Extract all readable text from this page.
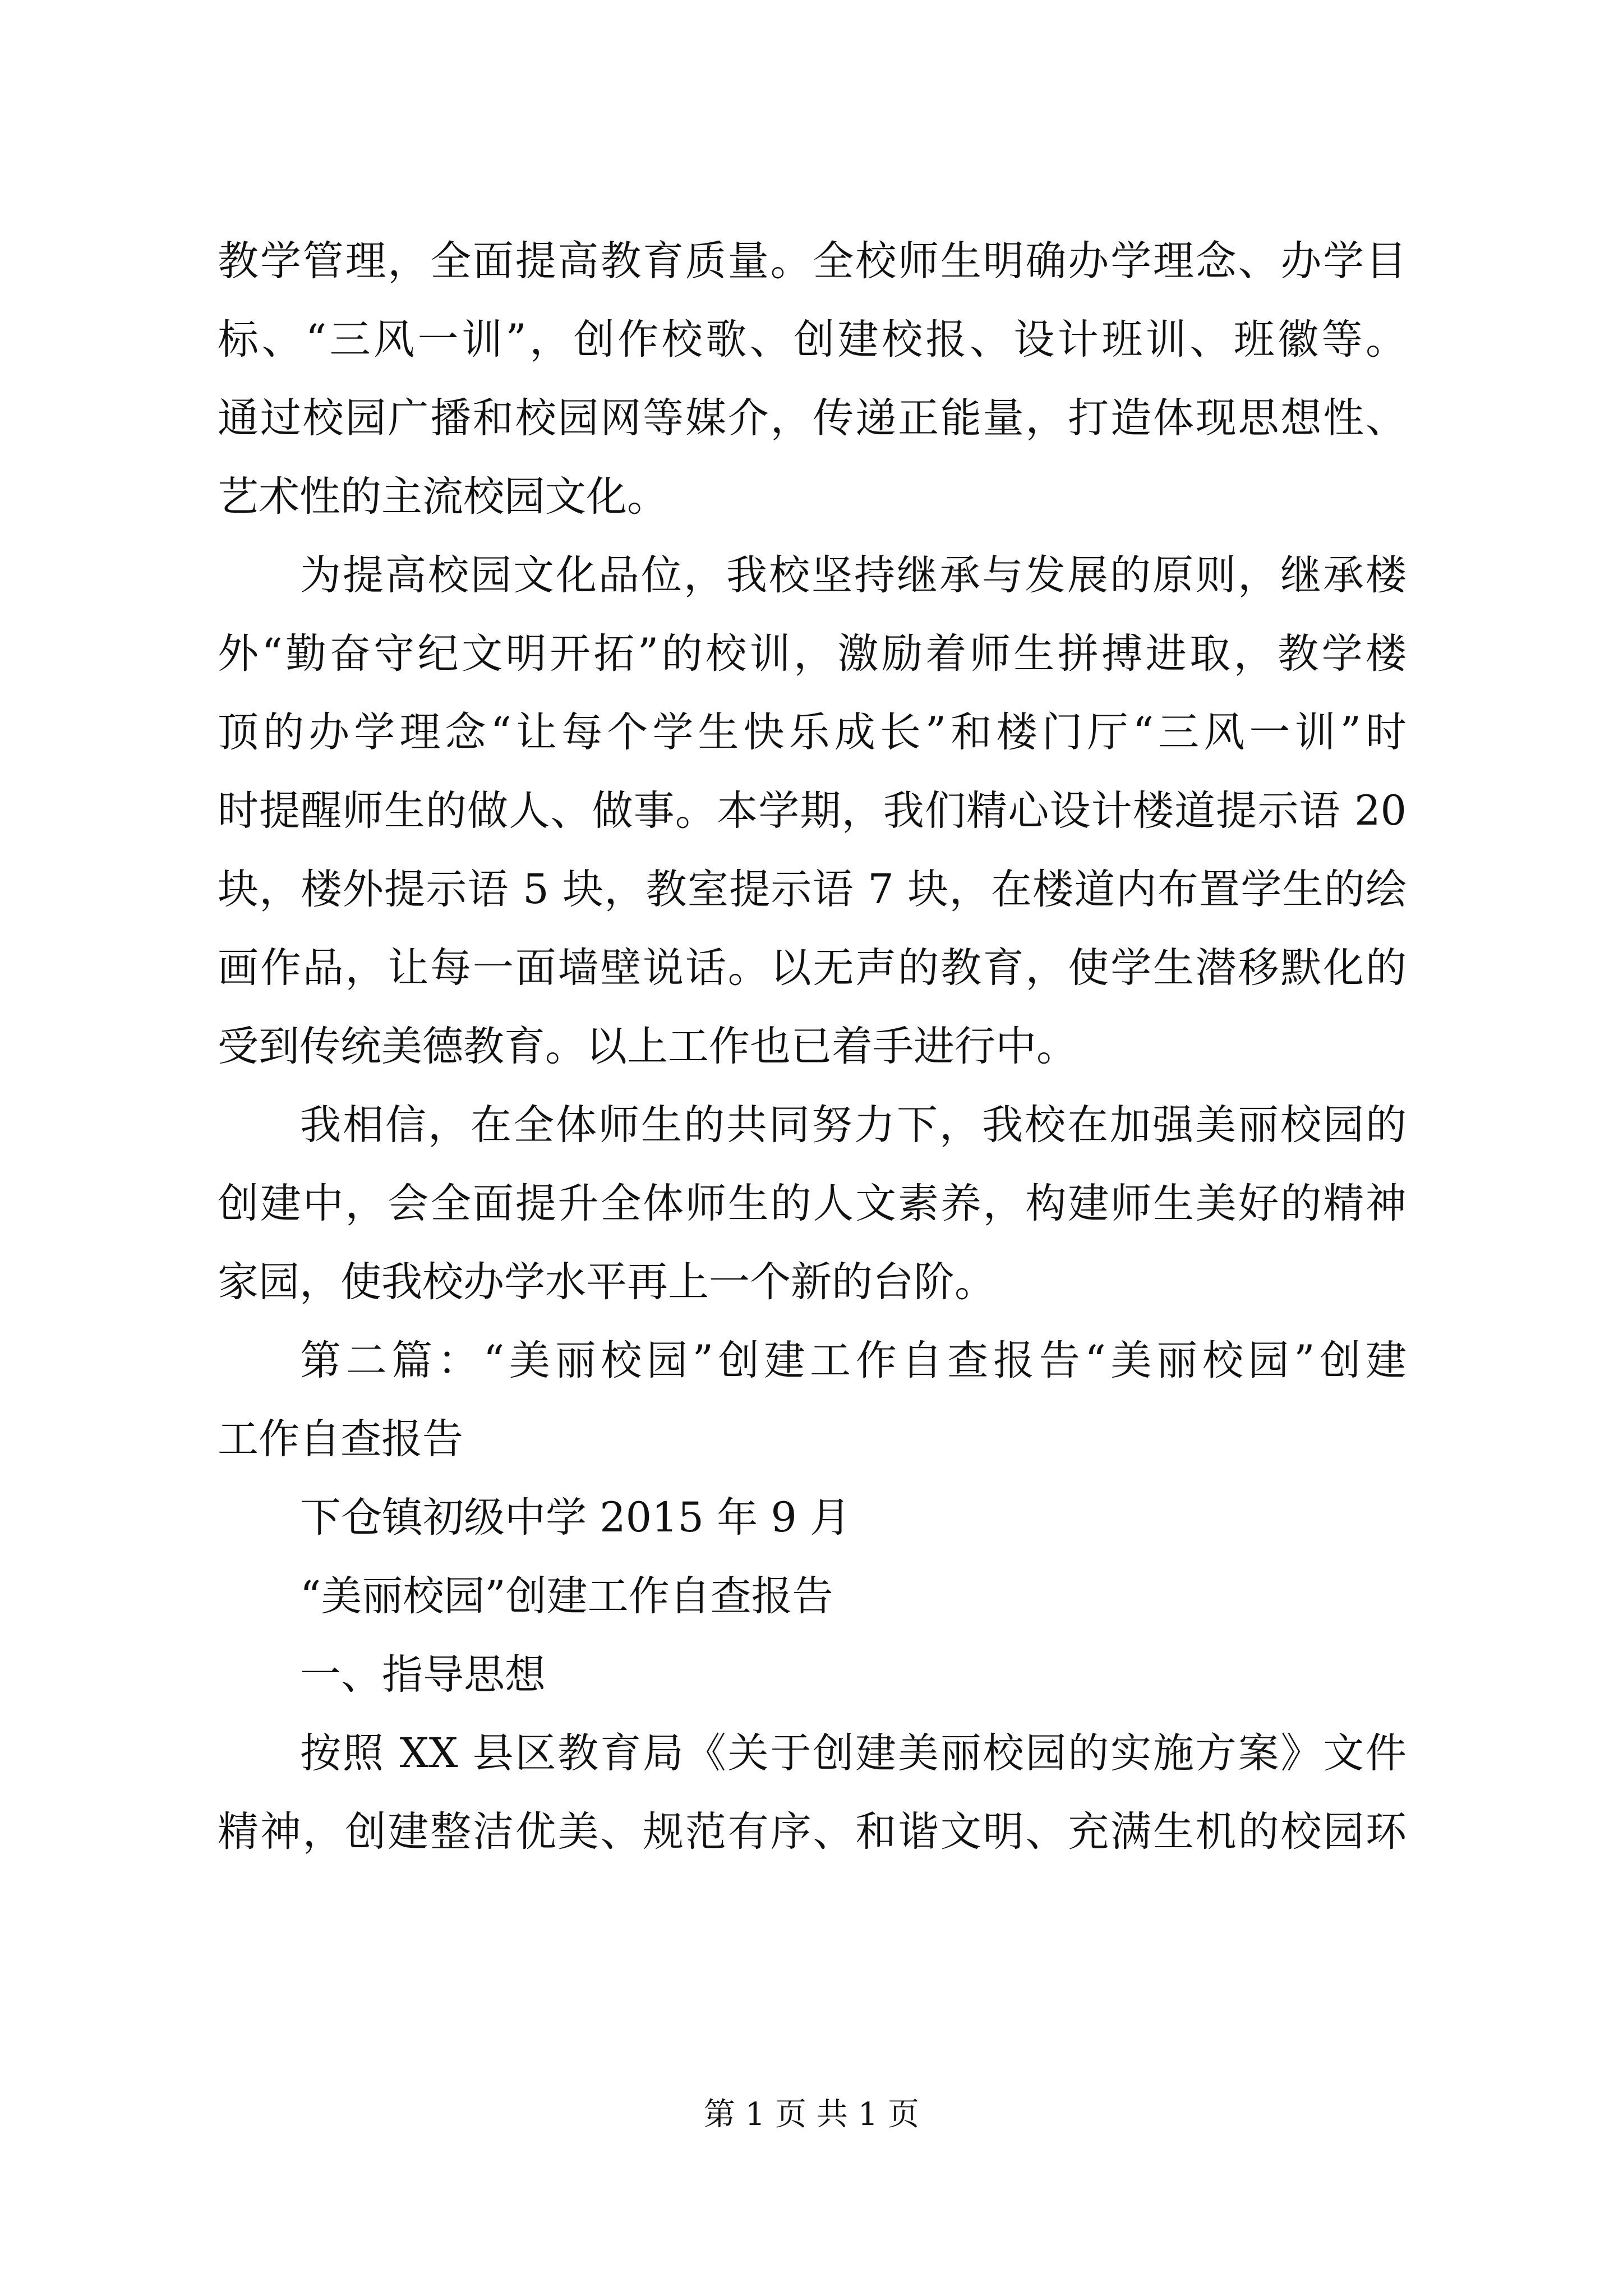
教学管理，全面提高教育质量。全校师生明确办学理念、办学目
标、“三风一训”，创作校歌、创建校报、设计班训、班徽等。
通过校园广播和校园网等媒介，传递正能量，打造体现思想性、
艺术性的主流校园文化。
为提高校园文化品位，我校坚持继承与发展的原则，继承楼
外“勤奋守纪文明开拓”的校训，激励着师生拼搏进取，教学楼
顶的办学理念“让每个学生快乐成长”和楼门厅“三风一训”时
时提醒师生的做人、做事。本学期，我们精心设计楼道提示语 20
块，楼外提示语 5 块，教室提示语 7 块，在楼道内布置学生的绘
画作品，让每一面墙壁说话。以无声的教育，使学生潜移默化的
受到传统美德教育。以上工作也已着手进行中。
我相信，在全体师生的共同努力下，我校在加强美丽校园的
创建中，会全面提升全体师生的人文素养，构建师生美好的精神
家园，使我校办学水平再上一个新的台阶。
第二篇：“美丽校园”创建工作自查报告“美丽校园”创建
工作自查报告
下仓镇初级中学 2015 年 9 月
“美丽校园”创建工作自查报告
一、指导思想
按照 XX 县区教育局《关于创建美丽校园的实施方案》文件
精神，创建整洁优美、规范有序、和谐文明、充满生机的校园环
第 1 页 共 1 页
